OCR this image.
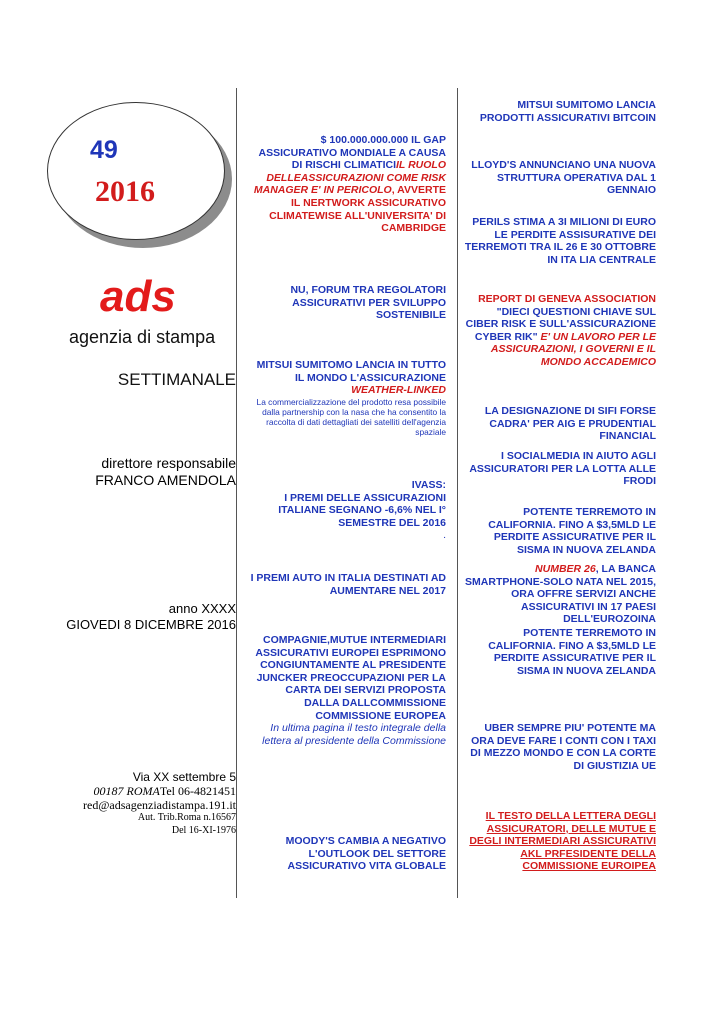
49
2016
ads
agenzia di stampa
SETTIMANALE
direttore responsabile
FRANCO AMENDOLA
anno XXXX
GIOVEDI 8 DICEMBRE 2016
Via XX settembre 5
00187 ROMATel 06-4821451
red@adsagenziadistampa.191.it
Aut. Trib.Roma n.16567
Del 16-XI-1976
$ 100.000.000.000 IL GAP ASSICURATIVO MONDIALE A CAUSA DI RISCHI CLIMATICIIL RUOLO DELLEASSICURAZIONI COME RISK MANAGER E' IN PERICOLO, AVVERTE IL NERTWORK ASSICURATIVO CLIMATEWISE ALL'UNIVERSITA' DI CAMBRIDGE
NU, FORUM TRA REGOLATORI ASSICURATIVI PER SVILUPPO SOSTENIBILE
MITSUI SUMITOMO LANCIA IN TUTTO IL MONDO L'ASSICURAZIONE WEATHER-LINKED
La commercializzazione del prodotto resa possibile dalla partnership con la nasa che ha consentito la raccolta di dati dettagliati dei satelliti dell'agenzia spaziale
IVASS:
I PREMI DELLE ASSICURAZIONI ITALIANE SEGNANO -6,6% NEL I° SEMESTRE DEL 2016
.
I PREMI AUTO IN ITALIA DESTINATI AD AUMENTARE NEL 2017
COMPAGNIE,MUTUE INTERMEDIARI ASSICURATIVI EUROPEI ESPRIMONO CONGIUNTAMENTE AL PRESIDENTE JUNCKER PREOCCUPAZIONI PER LA CARTA DEI SERVIZI PROPOSTA DALLA DALLCOMMISSIONE COMMISSIONE EUROPEA
In ultima pagina il testo integrale della lettera al presidente della Commissione
MOODY'S CAMBIA A NEGATIVO L'OUTLOOK DEL SETTORE ASSICURATIVO VITA GLOBALE
MITSUI SUMITOMO LANCIA PRODOTTI ASSICURATIVI BITCOIN
LLOYD'S ANNUNCIANO UNA NUOVA STRUTTURA OPERATIVA DAL 1 GENNAIO
PERILS STIMA A 3I MILIONI DI EURO LE PERDITE ASSISURATIVE DEI TERREMOTI TRA IL 26 E 30 OTTOBRE IN ITA LIA CENTRALE
REPORT DI GENEVA ASSOCIATION "DIECI QUESTIONI CHIAVE SUL CIBER RISK E SULL'ASSICURAZIONE CYBER RIK" E' UN LAVORO PER LE ASSICURAZIONI, I GOVERNI E IL MONDO ACCADEMICO
LA DESIGNAZIONE DI SIFI FORSE CADRA' PER AIG E PRUDENTIAL FINANCIAL
I SOCIALMEDIA IN AIUTO AGLI ASSICURATORI PER LA LOTTA ALLE FRODI
POTENTE TERREMOTO IN CALIFORNIA. FINO A $3,5MLD LE PERDITE ASSICURATIVE PER IL SISMA IN NUOVA ZELANDA
NUMBER 26, LA BANCA SMARTPHONE-SOLO NATA NEL 2015, ORA OFFRE SERVIZI ANCHE ASSICURATIVI IN 17 PAESI DELL'EUROZOINA
POTENTE TERREMOTO IN CALIFORNIA. FINO A $3,5MLD LE PERDITE ASSICURATIVE PER IL SISMA IN NUOVA ZELANDA
UBER SEMPRE PIU' POTENTE MA ORA DEVE FARE I CONTI CON I TAXI DI MEZZO MONDO E CON LA CORTE DI GIUSTIZIA UE
IL TESTO DELLA LETTERA DEGLI ASSICURATORI, DELLE MUTUE E DEGLI INTERMEDIARI ASSICURATIVI AKL PRFESIDENTE DELLA COMMISSIONE EUROIPEA
